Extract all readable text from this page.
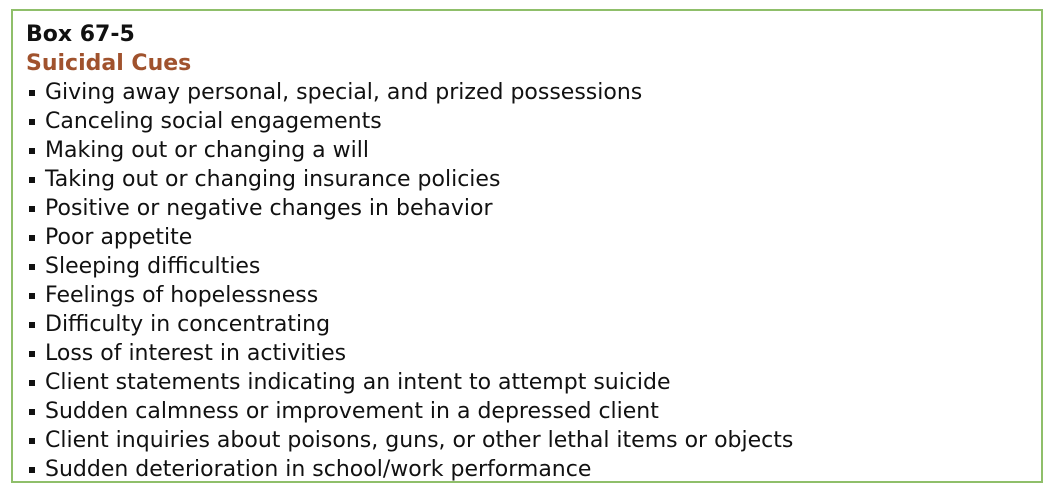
Box 67-5
Suicidal Cues
Giving away personal, special, and prized possessions
Canceling social engagements
Making out or changing a will
Taking out or changing insurance policies
Positive or negative changes in behavior
Poor appetite
Sleeping difficulties
Feelings of hopelessness
Difficulty in concentrating
Loss of interest in activities
Client statements indicating an intent to attempt suicide
Sudden calmness or improvement in a depressed client
Client inquiries about poisons, guns, or other lethal items or objects
Sudden deterioration in school/work performance
